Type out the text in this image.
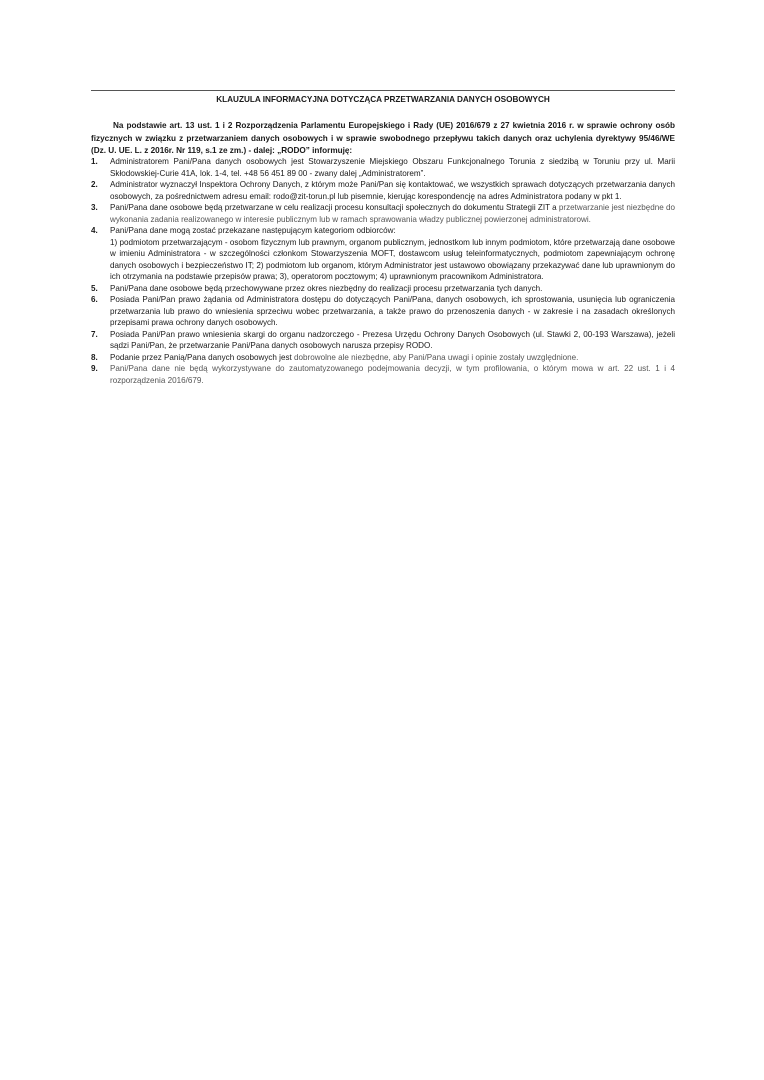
KLAUZULA INFORMACYJNA DOTYCZĄCA PRZETWARZANIA DANYCH OSOBOWYCH

Na podstawie art. 13 ust. 1 i 2 Rozporządzenia Parlamentu Europejskiego i Rady (UE) 2016/679 z 27 kwietnia 2016 r. w sprawie ochrony osób fizycznych w związku z przetwarzaniem danych osobowych i w sprawie swobodnego przepływu takich danych oraz uchylenia dyrektywy 95/46/WE (Dz. U. UE. L. z 2016r. Nr 119, s.1 ze zm.) - dalej: „RODO” informuję:

1. Administratorem Pani/Pana danych osobowych jest Stowarzyszenie Miejskiego Obszaru Funkcjonalnego Torunia z siedzibą w Toruniu przy ul. Marii Skłodowskiej-Curie 41A, lok. 1-4, tel. +48 56 451 89 00 - zwany dalej „Administratorem”.

2. Administrator wyznaczył Inspektora Ochrony Danych, z którym może Pani/Pan się kontaktować, we wszystkich sprawach dotyczących przetwarzania danych osobowych, za pośrednictwem adresu email: rodo@zit-torun.pl lub pisemnie, kierując korespondencję na adres Administratora podany w pkt 1.

3. Pani/Pana dane osobowe będą przetwarzane w celu realizacji procesu konsultacji społecznych do dokumentu Strategii ZIT a przetwarzanie jest niezbędne do wykonania zadania realizowanego w interesie publicznym lub w ramach sprawowania władzy publicznej powierzonej administratorowi.

4. Pani/Pana dane mogą zostać przekazane następującym kategoriom odbiorców:

1) podmiotom przetwarzającym - osobom fizycznym lub prawnym, organom publicznym, jednostkom lub innym podmiotom, które przetwarzają dane osobowe w imieniu Administratora - w szczególności członkom Stowarzyszenia MOFT, dostawcom usług teleinformatycznych, podmiotom zapewniającym ochronę danych osobowych i bezpieczeństwo IT; 2) podmiotom lub organom, którym Administrator jest ustawowo obowiązany przekazywać dane lub uprawnionym do ich otrzymania na podstawie przepisów prawa; 3), operatorom pocztowym; 4) uprawnionym pracownikom Administratora.

5. Pani/Pana dane osobowe będą przechowywane przez okres niezbędny do realizacji procesu przetwarzania tych danych.

6. Posiada Pani/Pan prawo żądania od Administratora dostępu do dotyczących Pani/Pana, danych osobowych, ich sprostowania, usunięcia lub ograniczenia przetwarzania lub prawo do wniesienia sprzeciwu wobec przetwarzania, a także prawo do przenoszenia danych - w zakresie i na zasadach określonych przepisami prawa ochrony danych osobowych.

7. Posiada Pani/Pan prawo wniesienia skargi do organu nadzorczego - Prezesa Urzędu Ochrony Danych Osobowych (ul. Stawki 2, 00-193 Warszawa), jeżeli sądzi Pani/Pan, że przetwarzanie Pani/Pana danych osobowych narusza przepisy RODO.

8. Podanie przez Panią/Pana danych osobowych jest dobrowolne ale niezbędne, aby Pani/Pana uwagi i opinie zostały uwzględnione.

9. Pani/Pana dane nie będą wykorzystywane do zautomatyzowanego podejmowania decyzji, w tym profilowania, o którym mowa w art. 22 ust. 1 i 4 rozporządzenia 2016/679.
